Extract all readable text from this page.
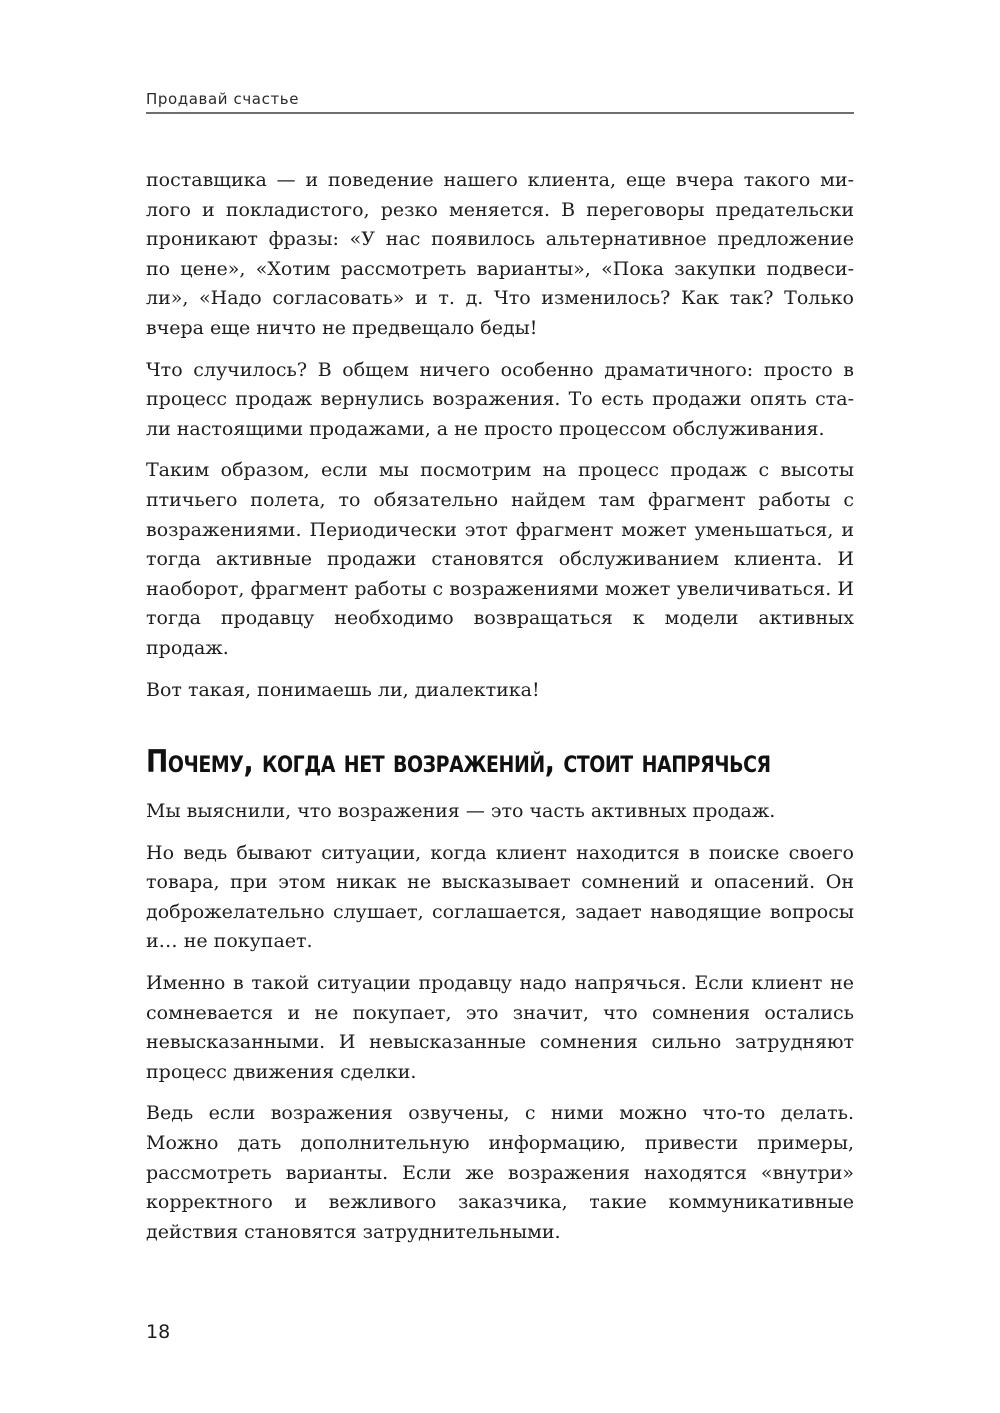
Продавай счастье

поставщика — и поведение нашего клиента, еще вчера такого милого и покладистого, резко меняется. В переговоры предательски проникают фразы: «У нас появилось альтернативное предложение по цене», «Хотим рассмотреть варианты», «Пока закупки подвесили», «Надо согласовать» и т. д. Что изменилось? Как так? Только вчера еще ничто не предвещало беды!

Что случилось? В общем ничего особенно драматичного: просто в процесс продаж вернулись возражения. То есть продажи опять стали настоящими продажами, а не просто процессом обслуживания.

Таким образом, если мы посмотрим на процесс продаж с высоты птичьего полета, то обязательно найдем там фрагмент работы с возражениями. Периодически этот фрагмент может уменьшаться, и тогда активные продажи становятся обслуживанием клиента. И наоборот, фрагмент работы с возражениями может увеличиваться. И тогда продавцу необходимо возвращаться к модели активных продаж.

Вот такая, понимаешь ли, диалектика!

Почему, когда нет возражений, стоит напрячься

Мы выяснили, что возражения — это часть активных продаж.

Но ведь бывают ситуации, когда клиент находится в поиске своего товара, при этом никак не высказывает сомнений и опасений. Он доброжелательно слушает, соглашается, задает наводящие вопросы и… не покупает.

Именно в такой ситуации продавцу надо напрячься. Если клиент не сомневается и не покупает, это значит, что сомнения остались невысказанными. И невысказанные сомнения сильно затрудняют процесс движения сделки.

Ведь если возражения озвучены, с ними можно что-то делать. Можно дать дополнительную информацию, привести примеры, рассмотреть варианты. Если же возражения находятся «внутри» корректного и вежливого заказчика, такие коммуникативные действия становятся затруднительными.

18
